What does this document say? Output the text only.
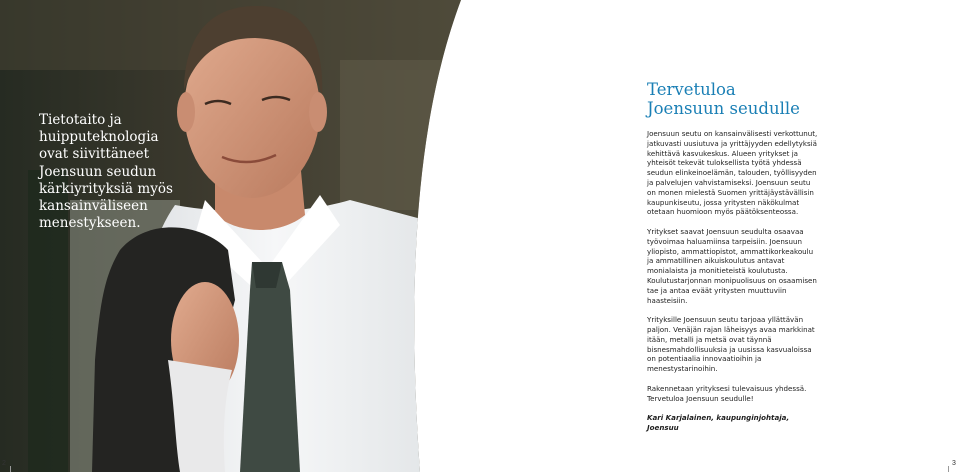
Tietotaito ja
huipputeknologia
ovat siivittäneet
Joensuun seudun
kärkiyrityksiä myös
kansainväliseen
menestykseen.

Tervetuloa
Joensuun seudulle

Joensuun seutu on kansainvälisesti verkottunut, jatkuvasti uusiutuva ja yrittäjyyden edellytyksiä kehittävä kasvukeskus. Alueen yritykset ja yhteisöt tekevät tuloksellista työtä yhdessä seudun elinkeinoelämän, talouden, työllisyyden ja palvelujen vahvistamiseksi. Joensuun seutu on monen mielestä Suomen yrittäjäystävällisin kaupunkiseutu, jossa yritysten näkökulmat otetaan huomioon myös päätöksenteossa.

Yritykset saavat Joensuun seudulta osaavaa työvoimaa haluamiinsa tarpeisiin. Joensuun yliopisto, ammattiopistot, ammattikorkeakoulu ja ammatillinen aikuiskoulutus antavat monialaista ja monitieteistä koulutusta. Koulutustarjonnan monipuolisuus on osaamisen tae ja antaa eväät yritysten muuttuviin haasteisiin.

Yrityksille Joensuun seutu tarjoaa yllättävän paljon. Venäjän rajan läheisyys avaa markkinat itään, metalli ja metsä ovat täynnä bisnesmahdollisuuksia ja uusissa kasvualoissa on potentiaalia innovaatioihin ja menestystarinoihin.

Rakennetaan yrityksesi tulevaisuus yhdessä. Tervetuloa Joensuun seudulle!

Kari Karjalainen, kaupunginjohtaja, Joensuu

2	3
